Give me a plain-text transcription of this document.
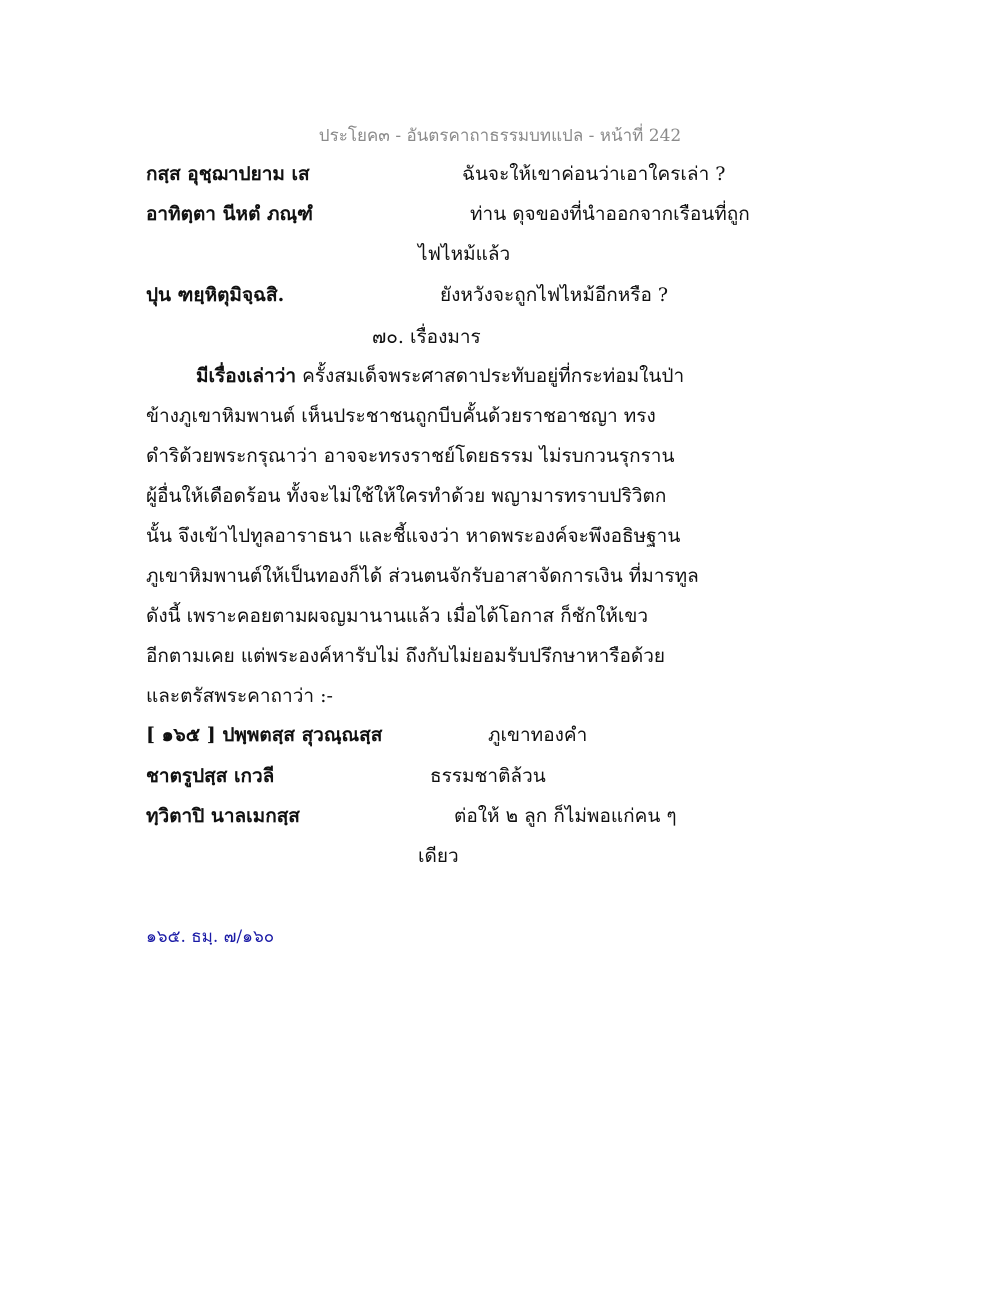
ประโยค๓ - อันตรคาถาธรรมบทแปล - หน้าที่ 242
กสฺส อุชฺฌาปยาม เส	ฉันจะให้เขาค่อนว่าเอาใครเล่า ?
อาทิตฺตา นีหตํ ภณฺฑํ	ท่าน ดุจของที่นำออกจากเรือนที่ถูก
ไฟไหม้แล้ว
ปุน ฑยฺหิตุมิจฺฉสิ.	ยังหวังจะถูกไฟไหม้อีกหรือ ?
๗๐. เรื่องมาร
มีเรื่องเล่าว่า ครั้งสมเด็จพระศาสดาประทับอยู่ที่กระท่อมในป่า
ข้างภูเขาหิมพานต์ เห็นประชาชนถูกบีบคั้นด้วยราชอาชญา ทรง
ดำริด้วยพระกรุณาว่า อาจจะทรงราชย์โดยธรรม ไม่รบกวนรุกราน
ผู้อื่นให้เดือดร้อน ทั้งจะไม่ใช้ให้ใครทำด้วย พญามารทราบปริวิตก
นั้น จึงเข้าไปทูลอาราธนา และชี้แจงว่า หาดพระองค์จะพึงอธิษฐาน
ภูเขาหิมพานต์ให้เป็นทองก็ได้ ส่วนตนจักรับอาสาจัดการเงิน ที่มารทูล
ดังนี้ เพราะคอยตามผจญมานานแล้ว เมื่อได้โอกาส ก็ชักให้เขว
อีกตามเคย แต่พระองค์หารับไม่ ถึงกับไม่ยอมรับปรึกษาหารือด้วย
และตรัสพระคาถาว่า :-
[ ๑๖๕ ] ปพฺพตสฺส สุวณฺณสฺส	ภูเขาทองคำ
ชาตรูปสฺส เกวลี	ธรรมชาติล้วน
ทฺวิตาปิ นาลเมกสฺส	ต่อให้ ๒ ลูก ก็ไม่พอแก่คน ๆ
เดียว
๑๖๕. ธมฺ. ๗/๑๖๐
